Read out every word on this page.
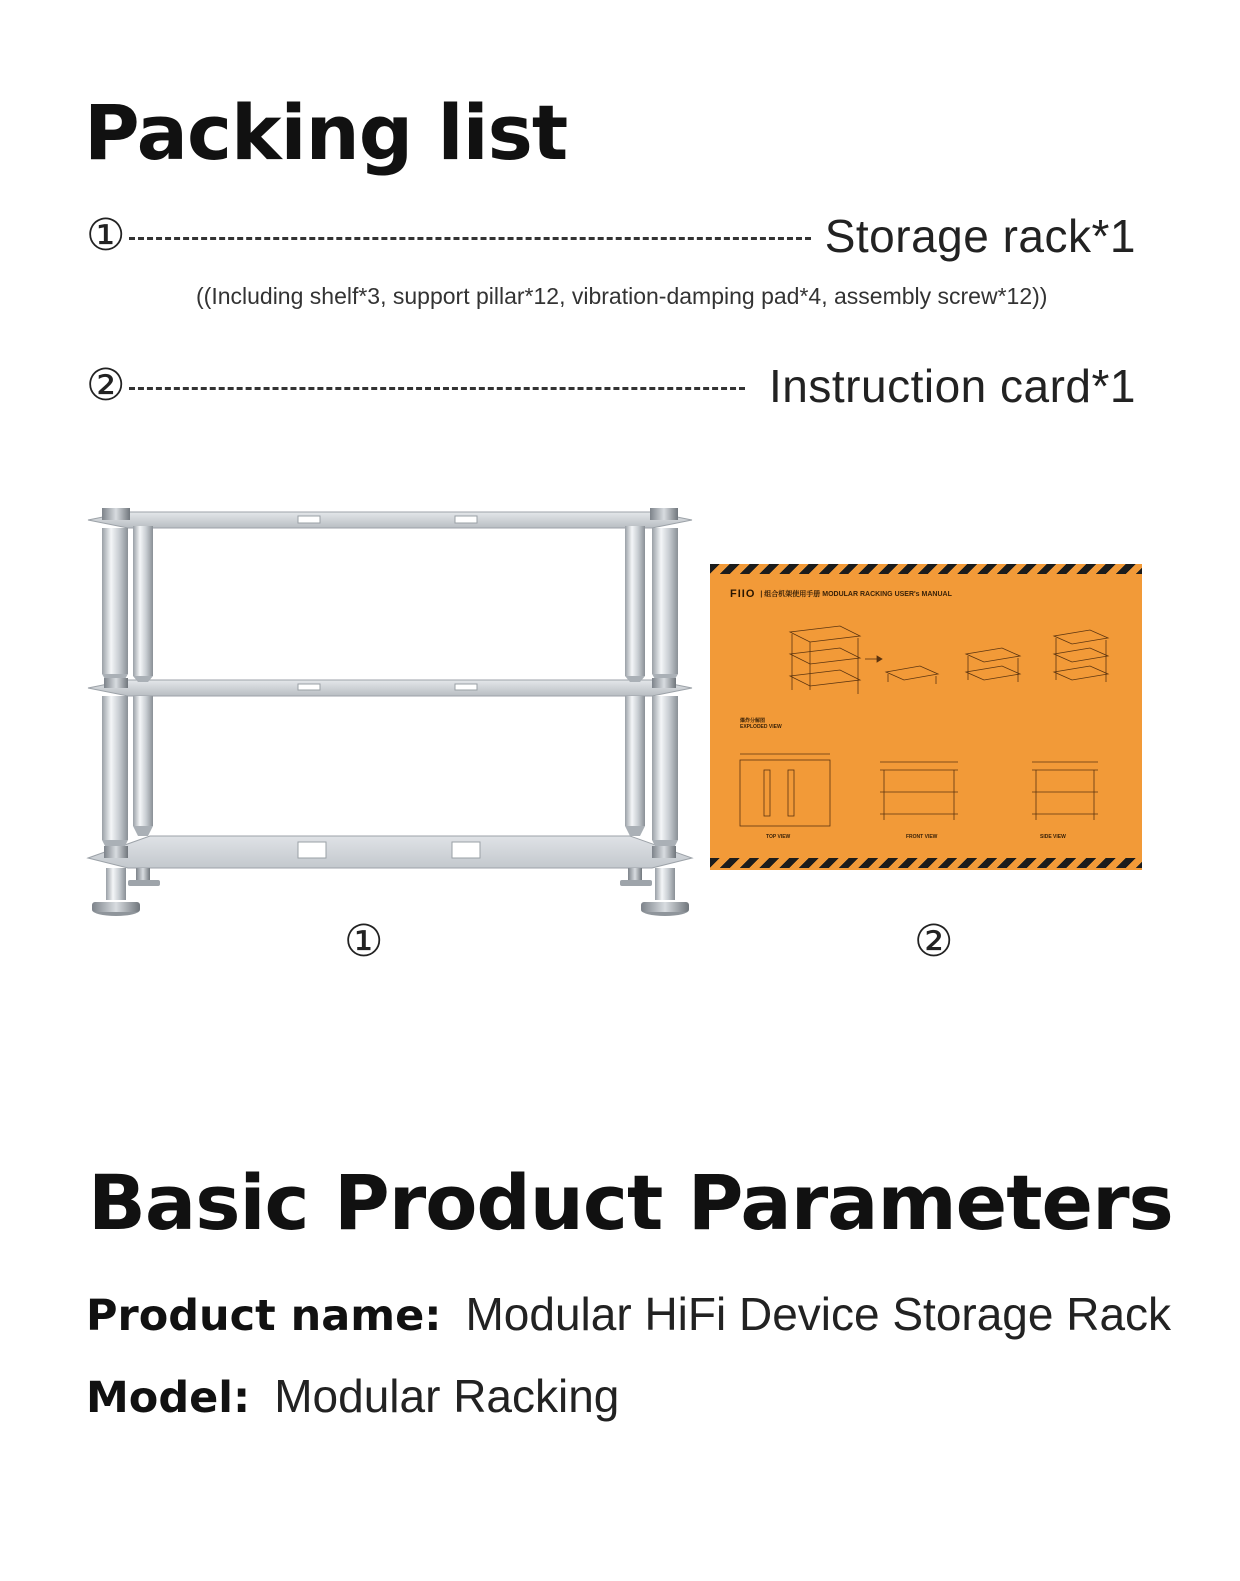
Packing list
①	Storage rack*1
((Including shelf*3, support pillar*12, vibration-damping pad*4, assembly screw*12))
②	Instruction card*1
①
FIIO | 组合机架使用手册 MODULAR RACKING USER's MANUAL
爆炸分解图
EXPLODED VIEW
TOP VIEW	FRONT VIEW	SIDE VIEW
②
Basic Product Parameters
Product name: Modular HiFi Device Storage Rack
Model: Modular Racking
